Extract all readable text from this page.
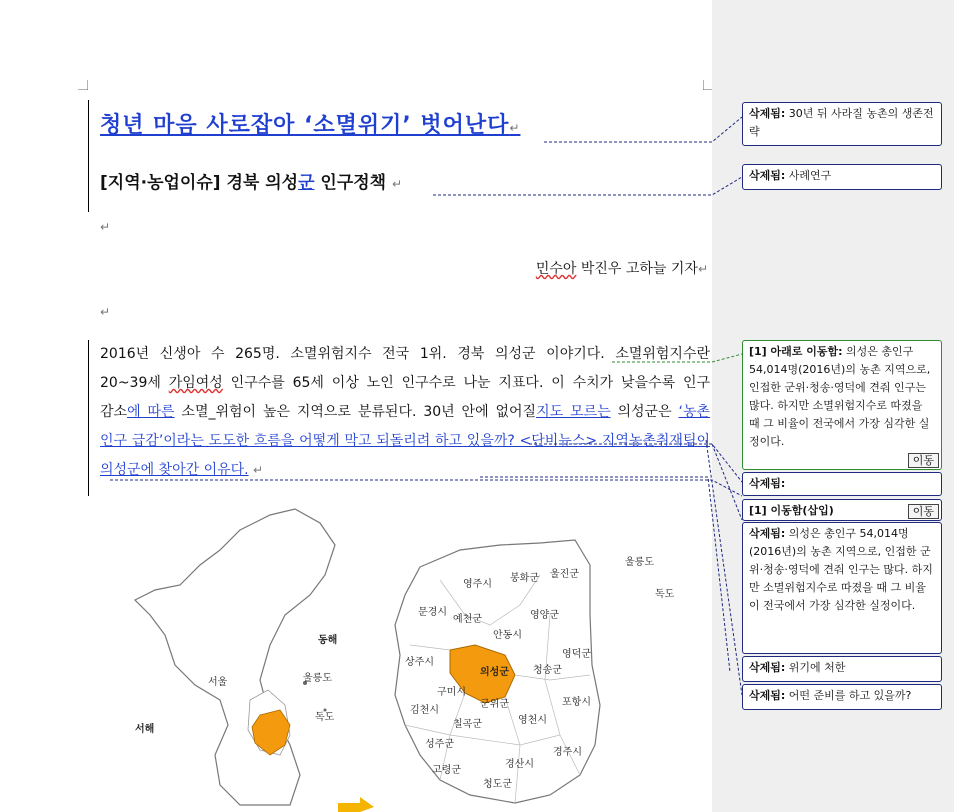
청년 마음 사로잡아 ‘소멸위기’ 벗어난다↵
[지역·농업이슈] 경북 의성군 인구정책 ↵
↵
민수아 박진우 고하늘 기자↵
↵
2016년 신생아 수 265명. 소멸위험지수 전국 1위. 경북 의성군 이야기다. 소멸위험지수란 20~39세 가임여성 인구수를 65세 이상 노인 인구수로 나눈 지표다. 이 수치가 낮을수록 인구 감소에 따른 소멸_위험이 높은 지역으로 분류된다. 30년 안에 없어질지도 모르는 의성군은 ‘농촌 인구 급감’이라는 도도한 흐름을 어떻게 막고 되돌리려 하고 있을까? <단비뉴스> 지역농촌취재팀이 의성군에 찾아간 이유다. ↵
동해
서해
울릉도
독도
서울
의성군
울릉도
독도
영주시
봉화군 울진군
문경시
예천군	영양군
안동시
상주시
영덕군
청송군
구미시
군위군	포항시
김천시
칠곡군	영천시
성주군
경주시
고령군
경산시
청도군
삭제됨: 30년 뒤 사라질 농촌의 생존전략
삭제됨: 사례연구
[1] 아래로 이동함: 의성은 총인구 54,014명(2016년)의 농촌 지역으로, 인접한 군위·청송·영덕에 견줘 인구는 많다. 하지만 소멸위험지수로 따졌을 때 그 비율이 전국에서 가장 심각한 실정이다.
이동
삭제됨:
[1] 이동함(삽입)	이동
삭제됨: 의성은 총인구 54,014명(2016년)의 농촌 지역으로, 인접한 군위·청송·영덕에 견줘 인구는 많다. 하지만 소멸위험지수로 따졌을 때 그 비율이 전국에서 가장 심각한 실정이다.
삭제됨: 위기에 처한
삭제됨: 어떤 준비를 하고 있을까?
